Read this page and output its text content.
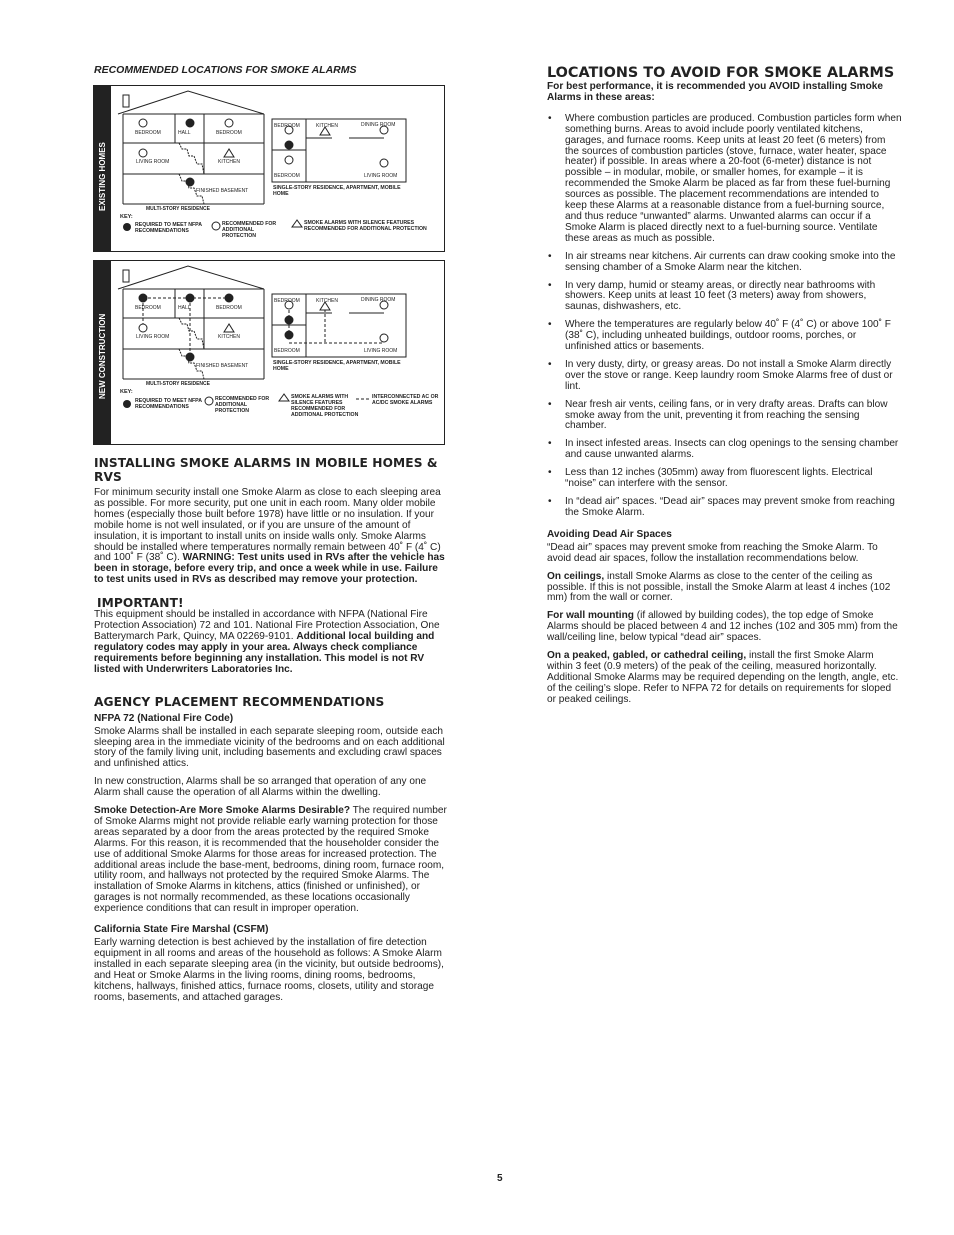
RECOMMENDED LOCATIONS FOR SMOKE ALARMS

EXISTING HOMES
BEDROOM	HALL	BEDROOM
LIVING ROOM	KITCHEN
FINISHED BASEMENT
MULTI-STORY RESIDENCE
BEDROOM	KITCHEN	DINING ROOM
BEDROOM	LIVING ROOM
SINGLE-STORY RESIDENCE, APARTMENT, MOBILE HOME
KEY:
REQUIRED TO MEET NFPA RECOMMENDATIONS
RECOMMENDED FOR ADDITIONAL PROTECTION
SMOKE ALARMS WITH SILENCE FEATURES RECOMMENDED FOR ADDITIONAL PROTECTION
NEW CONSTRUCTION
BEDROOM	HALL	BEDROOM
LIVING ROOM	KITCHEN
FINISHED BASEMENT
MULTI-STORY RESIDENCE
BEDROOM	KITCHEN	DINING ROOM
BEDROOM	LIVING ROOM
SINGLE-STORY RESIDENCE, APARTMENT, MOBILE HOME
KEY:
REQUIRED TO MEET NFPA RECOMMENDATIONS
RECOMMENDED FOR ADDITIONAL PROTECTION
SMOKE ALARMS WITH SILENCE FEATURES RECOMMENDED FOR ADDITIONAL PROTECTION
INTERCONNECTED AC OR AC/DC SMOKE ALARMS

INSTALLING SMOKE ALARMS IN MOBILE HOMES & RVS

For minimum security install one Smoke Alarm as close to each sleeping area as possible. For more security, put one unit in each room. Many older mobile homes (especially those built before 1978) have little or no insulation. If your mobile home is not well insulated, or if you are unsure of the amount of insulation, it is important to install units on inside walls only. Smoke Alarms should be installed where temperatures normally remain between 40˚ F (4˚ C) and 100˚ F (38˚ C). WARNING: Test units used in RVs after the vehicle has been in storage, before every trip, and once a week while in use. Failure to test units used in RVs as described may remove your protection.

IMPORTANT!

This equipment should be installed in accordance with NFPA (National Fire Protection Association) 72 and 101. National Fire Protection Association, One Batterymarch Park, Quincy, MA 02269-9101. Additional local building and regulatory codes may apply in your area. Always check compliance requirements before beginning any installation. This model is not RV listed with Underwriters Laboratories Inc.

AGENCY PLACEMENT RECOMMENDATIONS

NFPA 72 (National Fire Code)

Smoke Alarms shall be installed in each separate sleeping room, outside each sleeping area in the immediate vicinity of the bedrooms and on each additional story of the family living unit, including basements and excluding crawl spaces and unfinished attics.

In new construction, Alarms shall be so arranged that operation of any one Alarm shall cause the operation of all Alarms within the dwelling.

Smoke Detection-Are More Smoke Alarms Desirable? The required number of Smoke Alarms might not provide reliable early warning protection for those areas separated by a door from the areas protected by the required Smoke Alarms. For this reason, it is recommended that the householder consider the use of additional Smoke Alarms for those areas for increased protection. The additional areas include the base-ment, bedrooms, dining room, furnace room, utility room, and hallways not protected by the required Smoke Alarms. The installation of Smoke Alarms in kitchens, attics (finished or unfinished), or garages is not normally recommended, as these locations occasionally experience conditions that can result in improper operation.

California State Fire Marshal (CSFM)

Early warning detection is best achieved by the installation of fire detection equipment in all rooms and areas of the household as follows: A Smoke Alarm installed in each separate sleeping area (in the vicinity, but outside bedrooms), and Heat or Smoke Alarms in the living rooms, dining rooms, bedrooms, kitchens, hallways, finished attics, furnace rooms, closets, utility and storage rooms, basements, and attached garages.

LOCATIONS TO AVOID FOR SMOKE ALARMS

For best performance, it is recommended you AVOID installing Smoke Alarms in these areas:

• Where combustion particles are produced. Combustion particles form when something burns. Areas to avoid include poorly ventilated kitchens, garages, and furnace rooms. Keep units at least 20 feet (6 meters) from the sources of combustion particles (stove, furnace, water heater, space heater) if possible. In areas where a 20-foot (6-meter) distance is not possible – in modular, mobile, or smaller homes, for example – it is recommended the Smoke Alarm be placed as far from these fuel-burning sources as possible. The placement recommendations are intended to keep these Alarms at a reasonable distance from a fuel-burning source, and thus reduce “unwanted” alarms. Unwanted alarms can occur if a Smoke Alarm is placed directly next to a fuel-burning source. Ventilate these areas as much as possible.
• In air streams near kitchens. Air currents can draw cooking smoke into the sensing chamber of a Smoke Alarm near the kitchen.
• In very damp, humid or steamy areas, or directly near bathrooms with showers. Keep units at least 10 feet (3 meters) away from showers, saunas, dishwashers, etc.
• Where the temperatures are regularly below 40˚ F (4˚ C) or above 100˚ F (38˚ C), including unheated buildings, outdoor rooms, porches, or unfinished attics or basements.
• In very dusty, dirty, or greasy areas. Do not install a Smoke Alarm directly over the stove or range. Keep laundry room Smoke Alarms free of dust or lint.
• Near fresh air vents, ceiling fans, or in very drafty areas. Drafts can blow smoke away from the unit, preventing it from reaching the sensing chamber.
• In insect infested areas. Insects can clog openings to the sensing chamber and cause unwanted alarms.
• Less than 12 inches (305mm) away from fluorescent lights. Electrical “noise” can interfere with the sensor.
• In “dead air” spaces. “Dead air” spaces may prevent smoke from reaching the Smoke Alarm.

Avoiding Dead Air Spaces

“Dead air” spaces may prevent smoke from reaching the Smoke Alarm. To avoid dead air spaces, follow the installation recommendations below.

On ceilings, install Smoke Alarms as close to the center of the ceiling as possible. If this is not possible, install the Smoke Alarm at least 4 inches (102 mm) from the wall or corner.

For wall mounting (if allowed by building codes), the top edge of Smoke Alarms should be placed between 4 and 12 inches (102 and 305 mm) from the wall/ceiling line, below typical “dead air” spaces.

On a peaked, gabled, or cathedral ceiling, install the first Smoke Alarm within 3 feet (0.9 meters) of the peak of the ceiling, measured horizontally. Additional Smoke Alarms may be required depending on the length, angle, etc. of the ceiling’s slope. Refer to NFPA 72 for details on requirements for sloped or peaked ceilings.

5
